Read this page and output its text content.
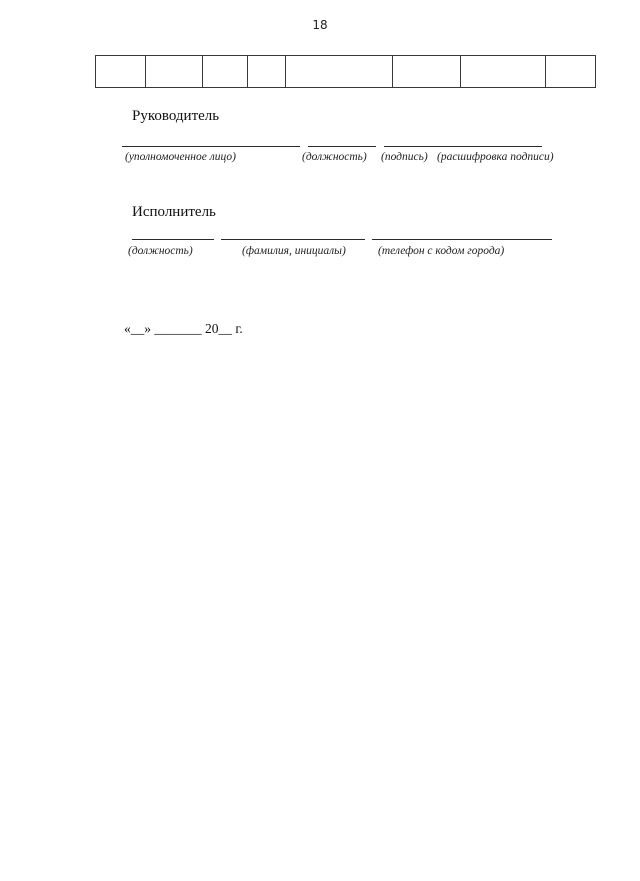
18

Руководитель
(уполномоченное лицо)	(должность) (подпись) (расшифровка подписи)
Исполнитель
(должность)	(фамилия, инициалы)	(телефон с кодом города)
«__» _______ 20__ г.
